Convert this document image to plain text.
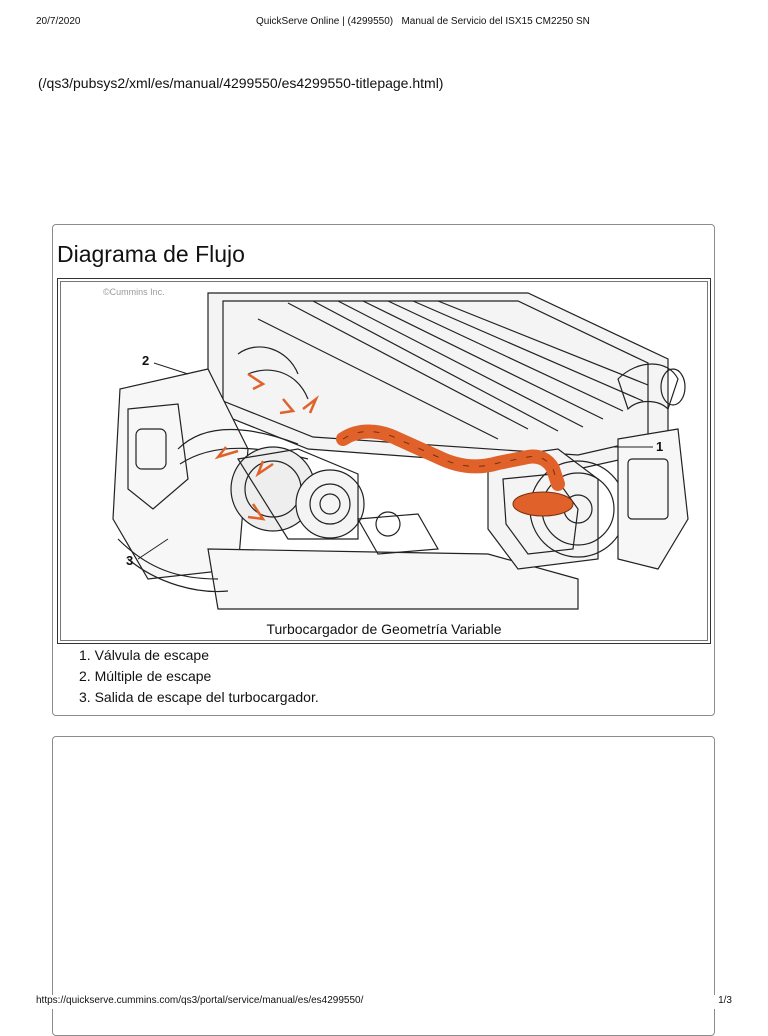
20/7/2020	QuickServe Online | (4299550)   Manual de Servicio del ISX15 CM2250 SN
(/qs3/pubsys2/xml/es/manual/4299550/es4299550-titlepage.html)
Diagrama de Flujo
©Cummins Inc.
1
2
3
Turbocargador de Geometría Variable
1. Válvula de escape
2. Múltiple de escape
3. Salida de escape del turbocargador.
https://quickserve.cummins.com/qs3/portal/service/manual/es/es4299550/	1/3
